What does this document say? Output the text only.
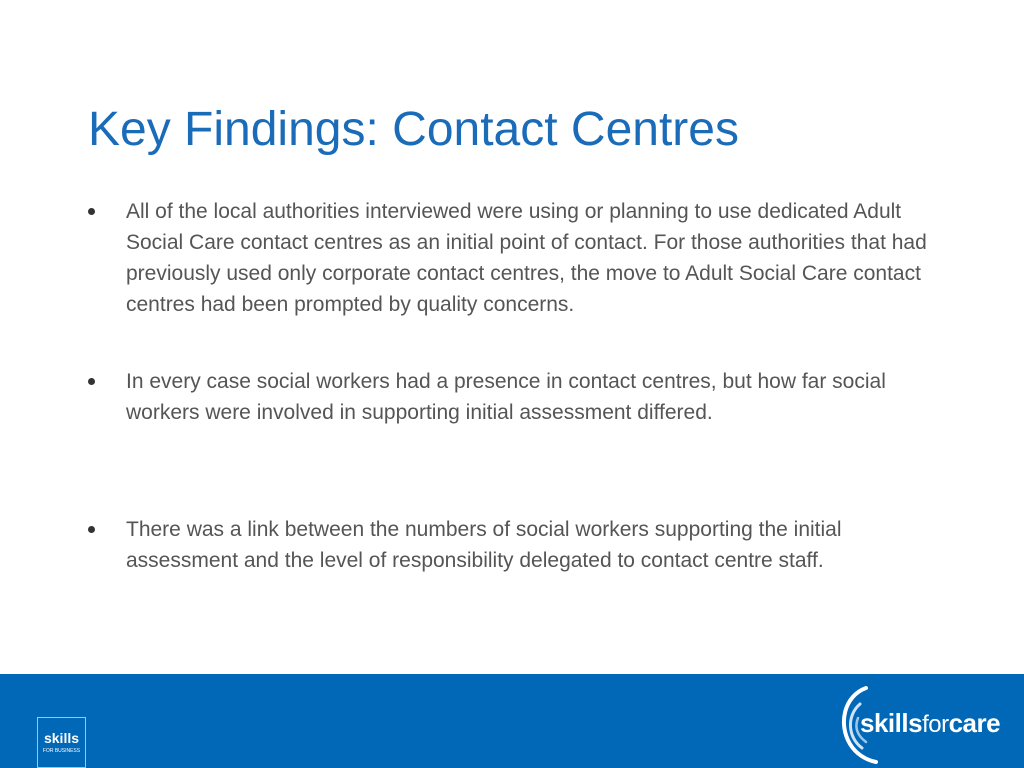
Key Findings: Contact Centres
All of the local authorities interviewed were using or planning to use dedicated Adult Social Care contact centres as an initial point of contact. For those authorities that had previously used only corporate contact centres, the move to Adult Social Care contact centres had been prompted by quality concerns.
In every case social workers had a presence in contact centres, but how far social workers were involved in supporting initial assessment differed.
There was a link between the numbers of social workers supporting the initial assessment and the level of responsibility delegated to contact centre staff.
skills
FOR BUSINESS
skillsforcare
